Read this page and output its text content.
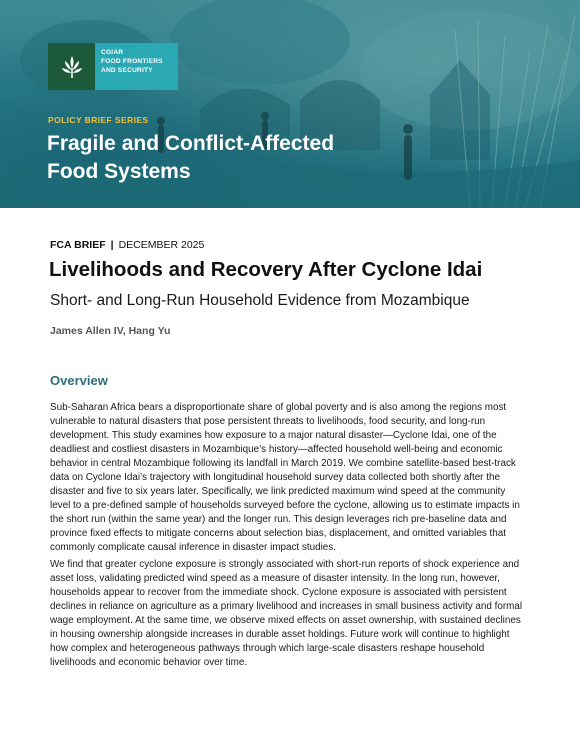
CGIAR
FOOD FRONTIERS
AND SECURITY
POLICY BRIEF SERIES
Fragile and Conflict-Affected
Food Systems
FCA BRIEF | DECEMBER 2025
Livelihoods and Recovery After Cyclone Idai
Short- and Long-Run Household Evidence from Mozambique
James Allen IV, Hang Yu
Overview

Sub-Saharan Africa bears a disproportionate share of global poverty and is also among the regions most vulnerable to natural disasters that pose persistent threats to livelihoods, food security, and long-run development. This study examines how exposure to a major natural disaster—Cyclone Idai, one of the deadliest and costliest disasters in Mozambique’s history—affected household well-being and economic behavior in central Mozambique following its landfall in March 2019. We combine satellite-based best-track data on Cyclone Idai’s trajectory with longitudinal household survey data collected both shortly after the disaster and five to six years later. Specifically, we link predicted maximum wind speed at the community level to a pre-defined sample of households surveyed before the cyclone, allowing us to estimate impacts in the short run (within the same year) and the longer run. This design leverages rich pre-baseline data and province fixed effects to mitigate concerns about selection bias, displacement, and omitted variables that commonly complicate causal inference in disaster impact studies.

We find that greater cyclone exposure is strongly associated with short-run reports of shock experience and asset loss, validating predicted wind speed as a measure of disaster intensity. In the long run, however, households appear to recover from the immediate shock. Cyclone exposure is associated with persistent declines in reliance on agriculture as a primary livelihood and increases in small business activity and formal wage employment. At the same time, we observe mixed effects on asset ownership, with sustained declines in housing ownership alongside increases in durable asset holdings. Future work will continue to highlight how complex and heterogeneous pathways through which large-scale disasters reshape household livelihoods and economic behavior over time.
